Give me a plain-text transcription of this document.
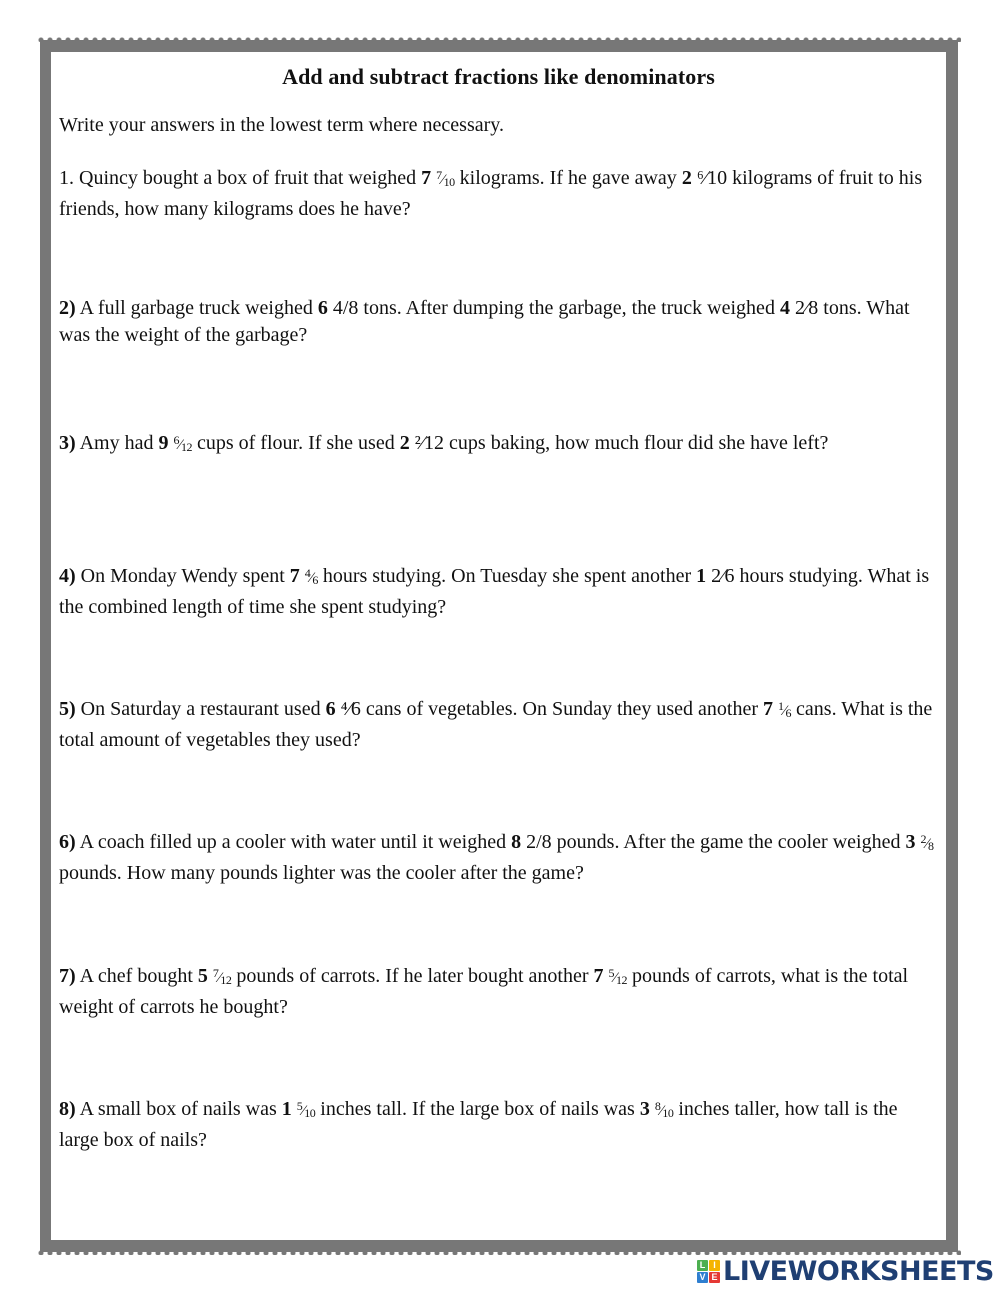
Add and subtract fractions like denominators
Write your answers in the lowest term where necessary.
1. Quincy bought a box of fruit that weighed 7 $^7⁄_{10}$ kilograms. If he gave away 2 ⁶⁄10 kilograms of fruit to his friends, how many kilograms does he have?
2) A full garbage truck weighed 6 4/8 tons. After dumping the garbage, the truck weighed 4 2⁄8 tons. What was the weight of the garbage?
3) Amy had 9 $^6⁄_{12}$ cups of flour. If she used 2 ²⁄12 cups baking, how much flour did she have left?
4) On Monday Wendy spent 7 $^4⁄_6$ hours studying. On Tuesday she spent another 1 2⁄6 hours studying. What is the combined length of time she spent studying?
5) On Saturday a restaurant used 6 ⁴⁄6 cans of vegetables. On Sunday they used another 7 $^1⁄_6$ cans. What is the total amount of vegetables they used?
6) A coach filled up a cooler with water until it weighed 8 2/8 pounds. After the game the cooler weighed 3 $^2⁄_8$ pounds. How many pounds lighter was the cooler after the game?
7) A chef bought 5 $^7⁄_{12}$ pounds of carrots. If he later bought another 7 $^5⁄_{12}$ pounds of carrots, what is the total weight of carrots he bought?
8) A small box of nails was 1 $^5⁄_{10}$ inches tall. If the large box of nails was 3 $^8⁄_{10}$ inches taller, how tall is the large box of nails?
L I
V E LIVEWORKSHEETS
